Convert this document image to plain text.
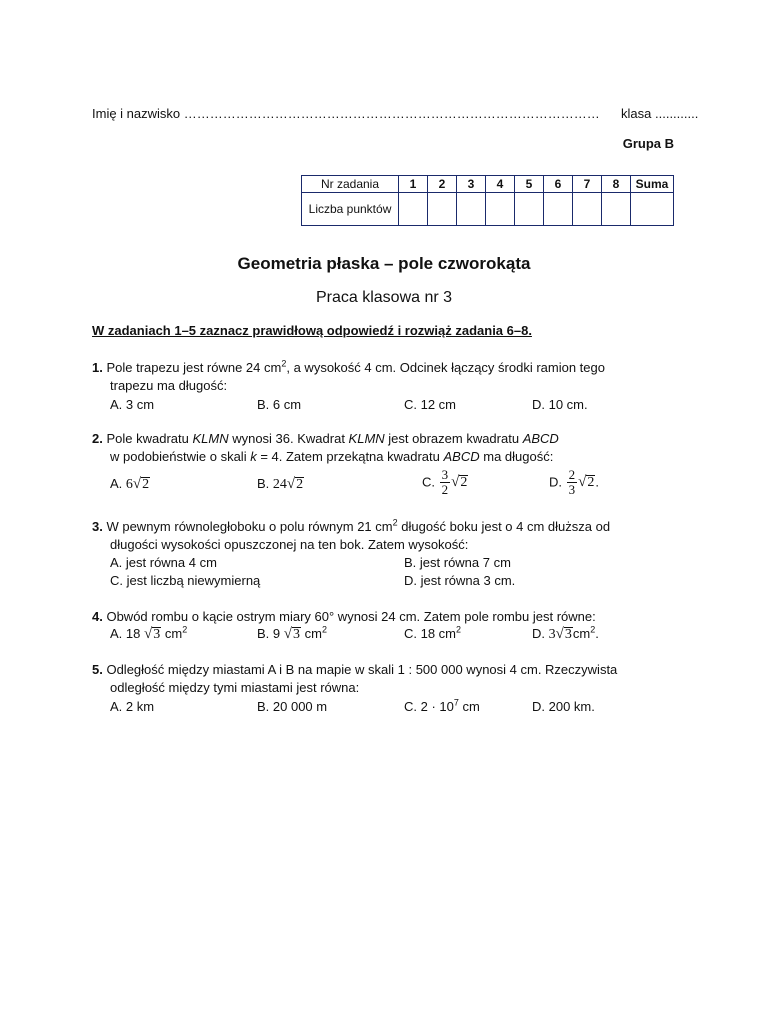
Imię i nazwisko …………………………………………………………………………………… klasa ............
Grupa B
Nr zadania	1	2	3	4	5	6	7	8	Suma
Liczba punktów									
Geometria płaska – pole czworokąta
Praca klasowa nr 3
W zadaniach 1–5 zaznacz prawidłową odpowiedź i rozwiąż zadania 6–8.
1. Pole trapezu jest równe 24 $cm^2$, a wysokość 4 cm. Odcinek łączący środki ramion tego
trapezu ma długość:
A. 3 cm	B. 6 cm	C. 12 cm	D. 10 cm.
2. Pole kwadratu KLMN wynosi 36. Kwadrat KLMN jest obrazem kwadratu ABCD
w podobieństwie o skali k = 4. Zatem przekątna kwadratu ABCD ma długość:
A. 6√2	B. 24√2	C. $\frac{3}{2} √2$	D. $\frac{2}{3} √2$.
3. W pewnym równoległoboku o polu równym 21 $cm^2$ długość boku jest o 4 cm dłuższa od
długości wysokości opuszczonej na ten bok. Zatem wysokość:
A. jest równa 4 cm	B. jest równa 7 cm
C. jest liczbą niewymierną	D. jest równa 3 cm.
4. Obwód rombu o kącie ostrym miary 60° wynosi 24 cm. Zatem pole rombu jest równe:
A. 18 √3 $cm^2$	B. 9 √3 $cm^2$	C. 18 $cm^2$	D. $3√3cm^2$.
5. Odległość między miastami A i B na mapie w skali 1 : 500 000 wynosi 4 cm. Rzeczywista
odległość między tymi miastami jest równa:
A. 2 km	B. 20 000 m	C. $2 \cdot 10^7$ cm	D. 200 km.
